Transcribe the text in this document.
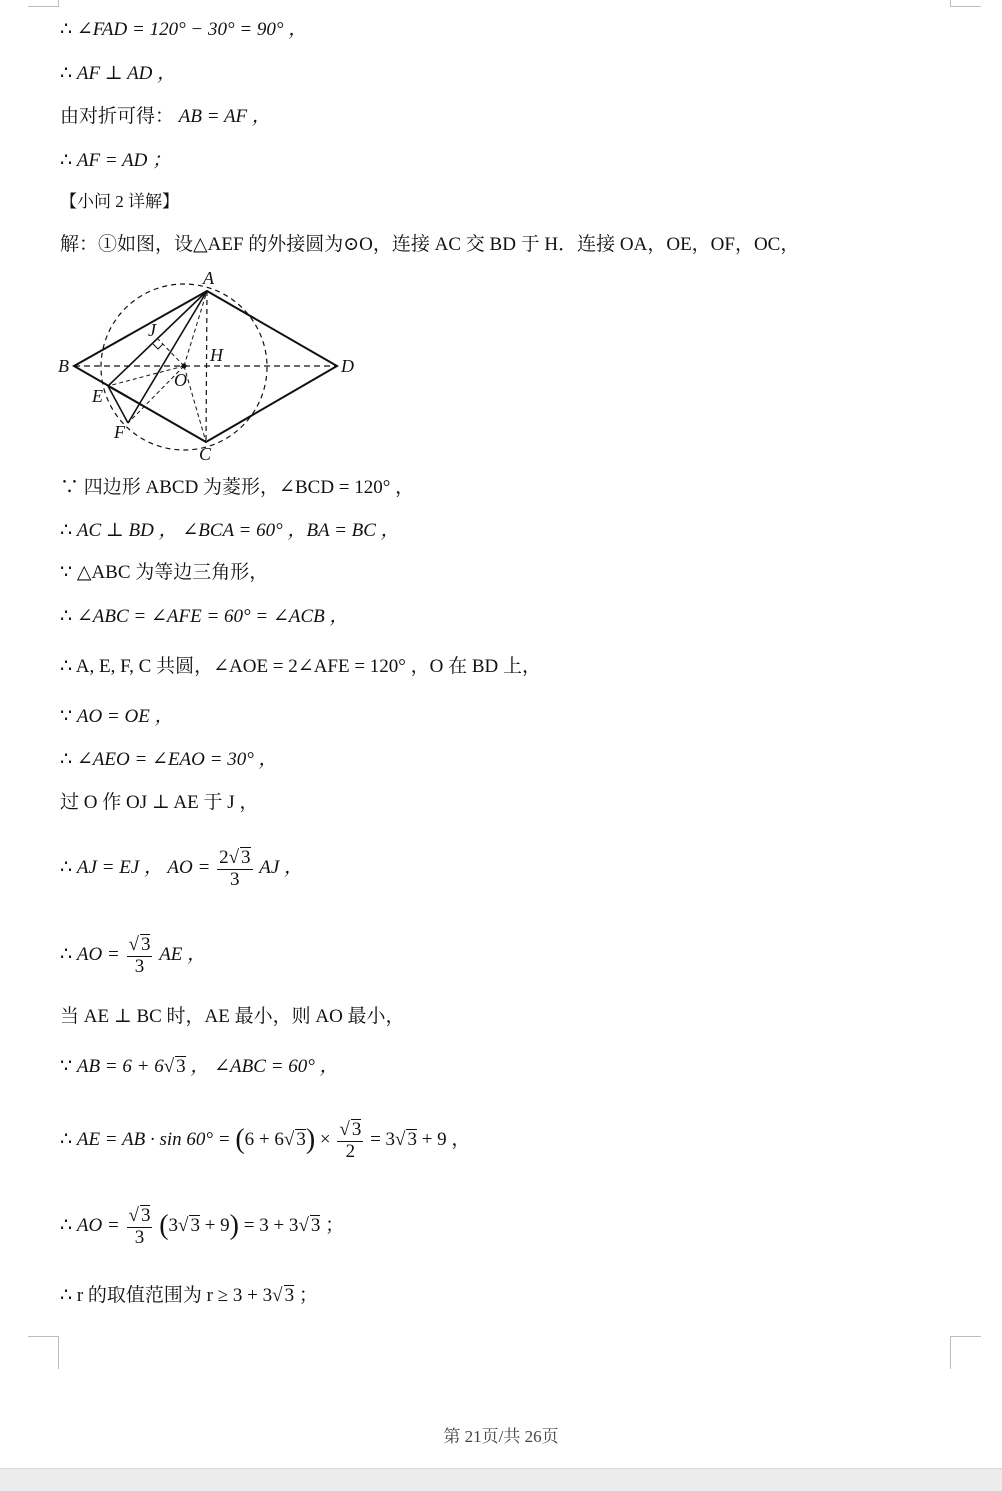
∴ ∠FAD = 120° − 30° = 90° ，
∴ AF ⊥ AD ，
由对折可得： AB = AF ，
∴ AF = AD ；
【小问 2 详解】
解：①如图，设△AEF 的外接圆为⊙O，连接 AC 交 BD 于 H．连接 OA，OE，OF，OC，
A
B
C
D
E
F
H
J
O
∵ 四边形 ABCD 为菱形，∠BCD = 120° ，
∴ AC ⊥ BD ， ∠BCA = 60° ，BA = BC ，
∵ △ABC 为等边三角形，
∴ ∠ABC = ∠AFE = 60° = ∠ACB ，
∴ A, E, F, C 共圆，∠AOE = 2∠AFE = 120° ，O 在 BD 上，
∵ AO = OE ，
∴ ∠AEO = ∠EAO = 30° ，
过 O 作 OJ ⊥ AE 于 J ，
∴ AJ = EJ ， AO = $\frac{2√ 3}{3}$ AJ ，
∴ AO = $\frac{√ 3}{3}$ AE ，
当 AE ⊥ BC 时，AE 最小，则 AO 最小，
∵ AB = 6 + 6√ 3 ， ∠ABC = 60° ，
∴ AE = AB · sin 60° = (6 + 6√ $3) \times \frac{√ 3}{2} = 3√$ 3 + 9 ，
∴ AO = $\frac{√ 3}{3} (3√$ 3 + 9) = 3 + 3√ 3 ；
∴ r 的取值范围为 r ≥ 3 + 3√ 3 ；
第 21页/共 26页
